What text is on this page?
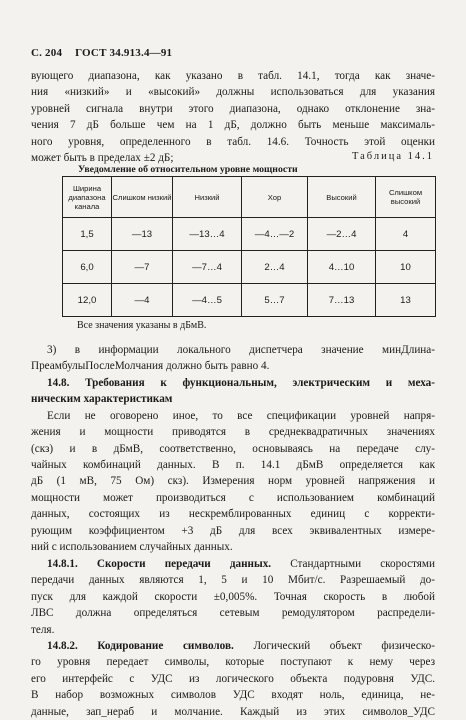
С. 204 ГОСТ 34.913.4—91
вующего диапазона, как указано в табл. 14.1, тогда как значе-
ния «низкий» и «высокий» должны использоваться для указания
уровней сигнала внутри этого диапазона, однако отклонение зна-
чения 7 дБ больше чем на 1 дБ, должно быть меньше максималь-
ного уровня, определенного в табл. 14.6. Точность этой оценки
может быть в пределах ±2 дБ;	Таблица 14.1
Уведомление об относительном уровне мощности
Ширина диапазона канала	Слишком низкий	Низкий	Хор	Высокий	Слишком высокий
1,5	—13	—13…4	—4…—2	—2…4	4
6,0	—7	—7…4	2…4	4…10	10
12,0	—4	—4…5	5…7	7…13	13
Все значения указаны в дБмВ.
3) в информации локального диспетчера значение минДлина-
ПреамбулыПослеМолчания должно быть равно 4.
14.8. Требования к функциональным, электрическим и меха-
ническим характеристикам
Если не оговорено иное, то все спецификации уровней напря-
жения и мощности приводятся в среднеквадратичных значениях
(скз) и в дБмВ, соответственно, основываясь на передаче слу-
чайных комбинаций данных. В п. 14.1 дБмВ определяется как
дБ (1 мВ, 75 Ом) скз). Измерения норм уровней напряжения и
мощности может производиться с использованием комбинаций
данных, состоящих из нескремблированных единиц с корректи-
рующим коэффициентом +3 дБ для всех эквивалентных измере-
ний с использованием случайных данных.
14.8.1. Скорости передачи данных. Стандартными скоростями
передачи данных являются 1, 5 и 10 Мбит/с. Разрешаемый до-
пуск для каждой скорости ±0,005%. Точная скорость в любой
ЛВС должна определяться сетевым ремодулятором распредели-
теля.
14.8.2. Кодирование символов. Логический объект физическо-
го уровня передает символы, которые поступают к нему через
его интерфейс с УДС из логического объекта подуровня УДС.
В набор возможных символов УДС входят ноль, единица, не-
данные, зап_нераб и молчание. Каждый из этих символов_УДС
